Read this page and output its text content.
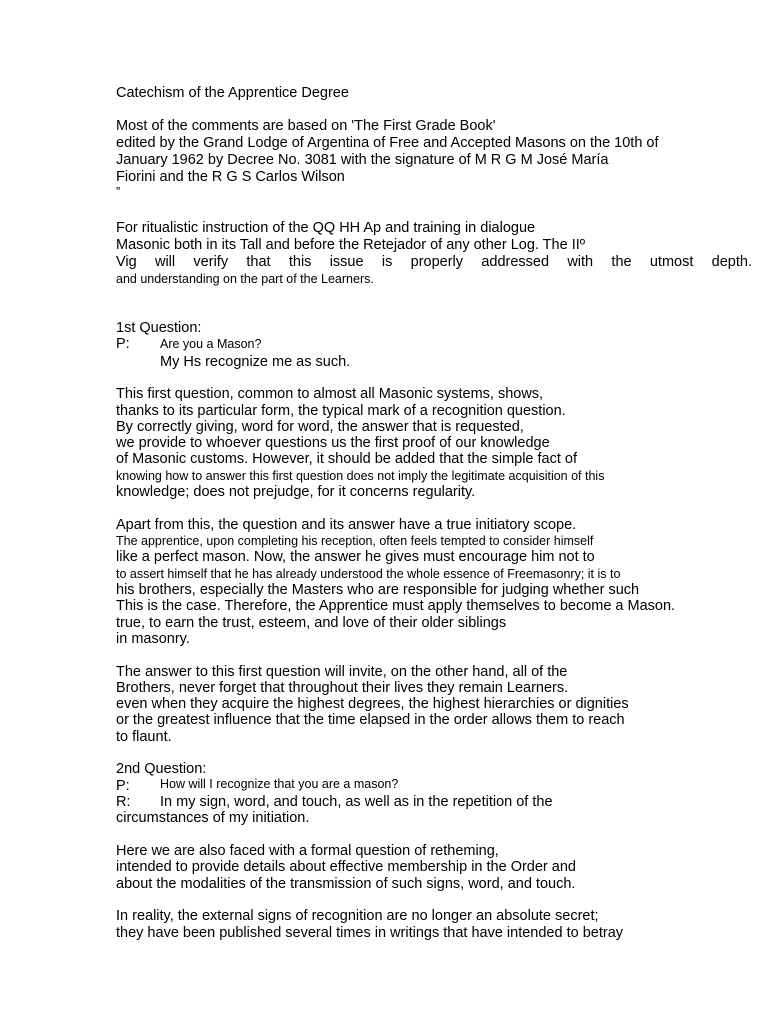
Catechism of the Apprentice Degree
Most of the comments are based on 'The First Grade Book'
edited by the Grand Lodge of Argentina of Free and Accepted Masons on the 10th of
January 1962 by Decree No. 3081 with the signature of M R G M José María
Fiorini and the R G S Carlos Wilson
”
For ritualistic instruction of the QQ HH Ap and training in dialogue
Masonic both in its Tall and before the Retejador of any other Log. The IIº
Vig will verify that this issue is properly addressed with the utmost depth.
and understanding on the part of the Learners.
1st Question:
P: Are you a Mason?
My Hs recognize me as such.
This first question, common to almost all Masonic systems, shows,
thanks to its particular form, the typical mark of a recognition question.
By correctly giving, word for word, the answer that is requested,
we provide to whoever questions us the first proof of our knowledge
of Masonic customs. However, it should be added that the simple fact of
knowing how to answer this first question does not imply the legitimate acquisition of this
knowledge; does not prejudge, for it concerns regularity.
Apart from this, the question and its answer have a true initiatory scope.
The apprentice, upon completing his reception, often feels tempted to consider himself
like a perfect mason. Now, the answer he gives must encourage him not to
to assert himself that he has already understood the whole essence of Freemasonry; it is to
his brothers, especially the Masters who are responsible for judging whether such
This is the case. Therefore, the Apprentice must apply themselves to become a Mason.
true, to earn the trust, esteem, and love of their older siblings
in masonry.
The answer to this first question will invite, on the other hand, all of the
Brothers, never forget that throughout their lives they remain Learners.
even when they acquire the highest degrees, the highest hierarchies or dignities
or the greatest influence that the time elapsed in the order allows them to reach
to flaunt.
2nd Question:
P: How will I recognize that you are a mason?
R: In my sign, word, and touch, as well as in the repetition of the
circumstances of my initiation.
Here we are also faced with a formal question of retheming,
intended to provide details about effective membership in the Order and
about the modalities of the transmission of such signs, word, and touch.
In reality, the external signs of recognition are no longer an absolute secret;
they have been published several times in writings that have intended to betray
